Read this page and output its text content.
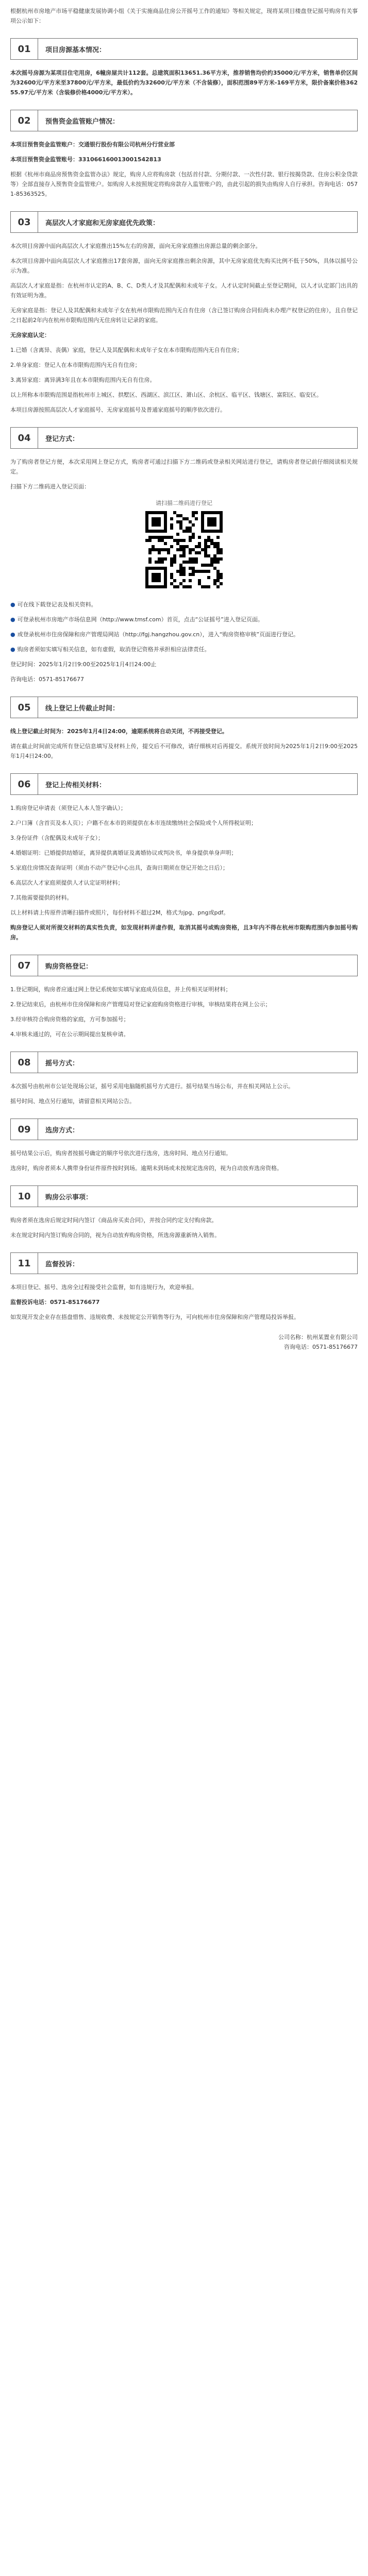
根据杭州市房地产市场平稳健康发展协调小组《关于实施商品住房公开摇号工作的通知》等相关规定，现将某项目楼盘登记摇号购房有关事项公示如下：

01	项目房源基本情况：

本次摇号房源为某项目住宅用房，6幢房屋共计112套。总建筑面积13651.36平方米，推荐销售均价约35000元/平方米，销售单价区间为32600元/平方米至37800元/平方米，最低价约为32600元/平方米（不含装修），面积范围89平方米-169平方米，限价备案价格36255.97元/平方米（含装修价格4000元/平方米）。

02	预售资金监管账户情况：

本项目预售资金监管账户：交通银行股份有限公司杭州分行营业部

本项目预售资金监管账号：331066160013001542813

根据《杭州市商品房预售资金监管办法》规定，购房人应将购房款（包括首付款、分期付款、一次性付款、银行按揭贷款、住房公积金贷款等）全部直接存入预售资金监管账户。如购房人未按照规定将购房款存入监管账户的，由此引起的损失由购房人自行承担。咨询电话：0571-85363525。

03	高层次人才家庭和无房家庭优先政策：

本次项目房源中面向高层次人才家庭推出15%左右的房源，面向无房家庭推出房源总量的剩余部分。

本次项目房源中面向高层次人才家庭推出17套房源，面向无房家庭推出剩余房源，其中无房家庭优先购买比例不低于50%，具体以摇号公示为准。

高层次人才家庭是指：在杭州市认定的A、B、C、D类人才及其配偶和未成年子女。人才认定时间截止至登记期间，以人才认定部门出具的有效证明为准。

无房家庭是指：登记人及其配偶和未成年子女在杭州市限购范围内无自有住房（含已签订购房合同但尚未办理产权登记的住房），且自登记之日起前2年内在杭州市限购范围内无住房转让记录的家庭。

无房家庭认定：

1.已婚（含离异、丧偶）家庭，登记人及其配偶和未成年子女在本市限购范围内无自有住房；

2.单身家庭：登记人在本市限购范围内无自有住房；

3.离异家庭：离异满3年且在本市限购范围内无自有住房。

以上所称本市限购范围是指杭州市上城区、拱墅区、西湖区、滨江区、萧山区、余杭区、临平区、钱塘区、富阳区、临安区。

本项目房源按照高层次人才家庭摇号、无房家庭摇号及普通家庭摇号的顺序依次进行。

04	登记方式：

为了购房者登记方便，本次采用网上登记方式，购房者可通过扫描下方二维码或登录相关网站进行登记，请购房者登记前仔细阅读相关规定。

扫描下方二维码进入登记页面：

请扫描二维码进行登记
● 可在线下载登记表及相关资料。

● 可登录杭州市房地产市场信息网（http://www.tmsf.com）首页，点击“公证摇号”进入登记页面。

● 或登录杭州市住房保障和房产管理局网站（http://fgj.hangzhou.gov.cn），进入“购房资格审核”页面进行登记。

● 购房者须如实填写相关信息，如有虚假，取消登记资格并承担相应法律责任。

登记时间：2025年1月2日9:00至2025年1月4日24:00止

咨询电话：0571-85176677

05	线上登记上传截止时间：

线上登记截止时间为：2025年1月4日24:00，逾期系统将自动关闭，不再接受登记。

请在截止时间前完成所有登记信息填写及材料上传，提交后不可修改，请仔细核对后再提交。系统开放时间为2025年1月2日9:00至2025年1月4日24:00。

06	登记上传相关材料：

1.购房登记申请表（须登记人本人签字确认）；

2.户口簿（含首页及本人页）；户籍不在本市的须提供在本市连续缴纳社会保险或个人所得税证明；

3.身份证件（含配偶及未成年子女）；

4.婚姻证明：已婚提供结婚证，离异提供离婚证及离婚协议或判决书，单身提供单身声明；

5.家庭住房情况查询证明（须由不动产登记中心出具，查询日期须在登记开始之日后）；

6.高层次人才家庭须提供人才认定证明材料；

7.其他需要提供的材料。

以上材料请上传原件清晰扫描件或照片，每份材料不超过2M，格式为jpg、png或pdf。

购房登记人须对所提交材料的真实性负责，如发现材料弄虚作假，取消其摇号或购房资格，且3年内不得在杭州市限购范围内参加摇号购房。

07	购房资格登记：

1.登记期间，购房者应通过网上登记系统如实填写家庭成员信息，并上传相关证明材料；

2.登记结束后，由杭州市住房保障和房产管理局对登记家庭购房资格进行审核，审核结果将在网上公示；

3.经审核符合购房资格的家庭，方可参加摇号；

4.审核未通过的，可在公示期间提出复核申请。

08	摇号方式：

本次摇号由杭州市公证处现场公证，摇号采用电脑随机摇号方式进行。摇号结果当场公布，并在相关网站上公示。

摇号时间、地点另行通知，请留意相关网站公告。

09	选房方式：

摇号结果公示后，购房者按摇号确定的顺序号依次进行选房，选房时间、地点另行通知。

选房时，购房者须本人携带身份证件原件按时到场。逾期未到场或未按规定选房的，视为自动放弃选房资格。

10	购房公示事项：

购房者须在选房后规定时间内签订《商品房买卖合同》，并按合同约定支付购房款。

未在规定时间内签订购房合同的，视为自动放弃购房资格，所选房源重新纳入销售。

11	监督投诉：

本项目登记、摇号、选房全过程接受社会监督，如有违规行为，欢迎举报。

监督投诉电话：0571-85176677

如发现开发企业存在捂盘惜售、违规收费、未按规定公开销售等行为，可向杭州市住房保障和房产管理局投诉举报。

公司名称：杭州某置业有限公司
咨询电话：0571-85176677
